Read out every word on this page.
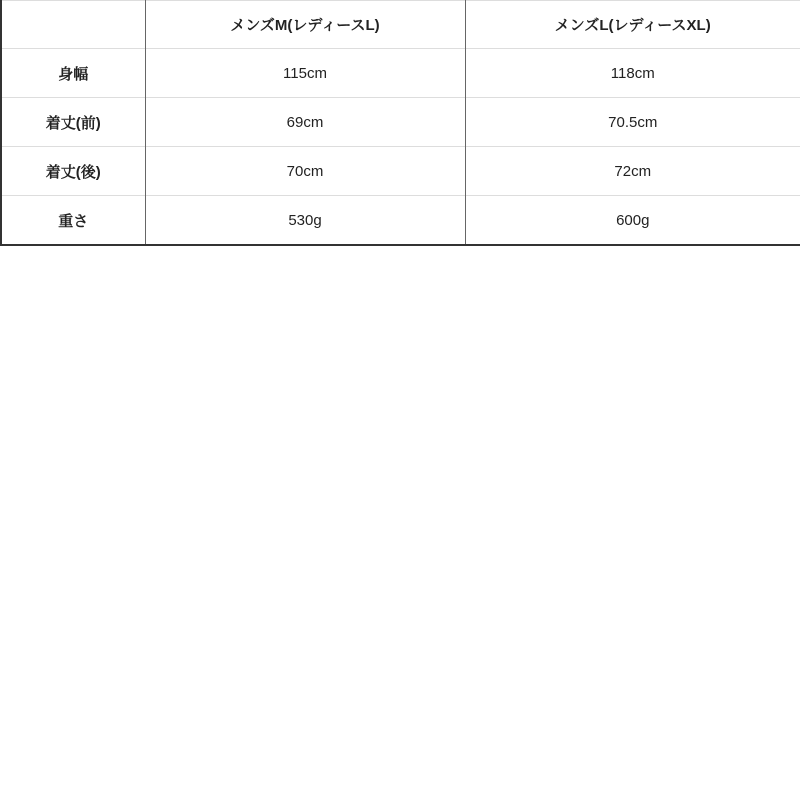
	メンズM(レディースL)	メンズL(レディースXL)
身幅	115cm	118cm
着丈(前)	69cm	70.5cm
着丈(後)	70cm	72cm
重さ	530g	600g
